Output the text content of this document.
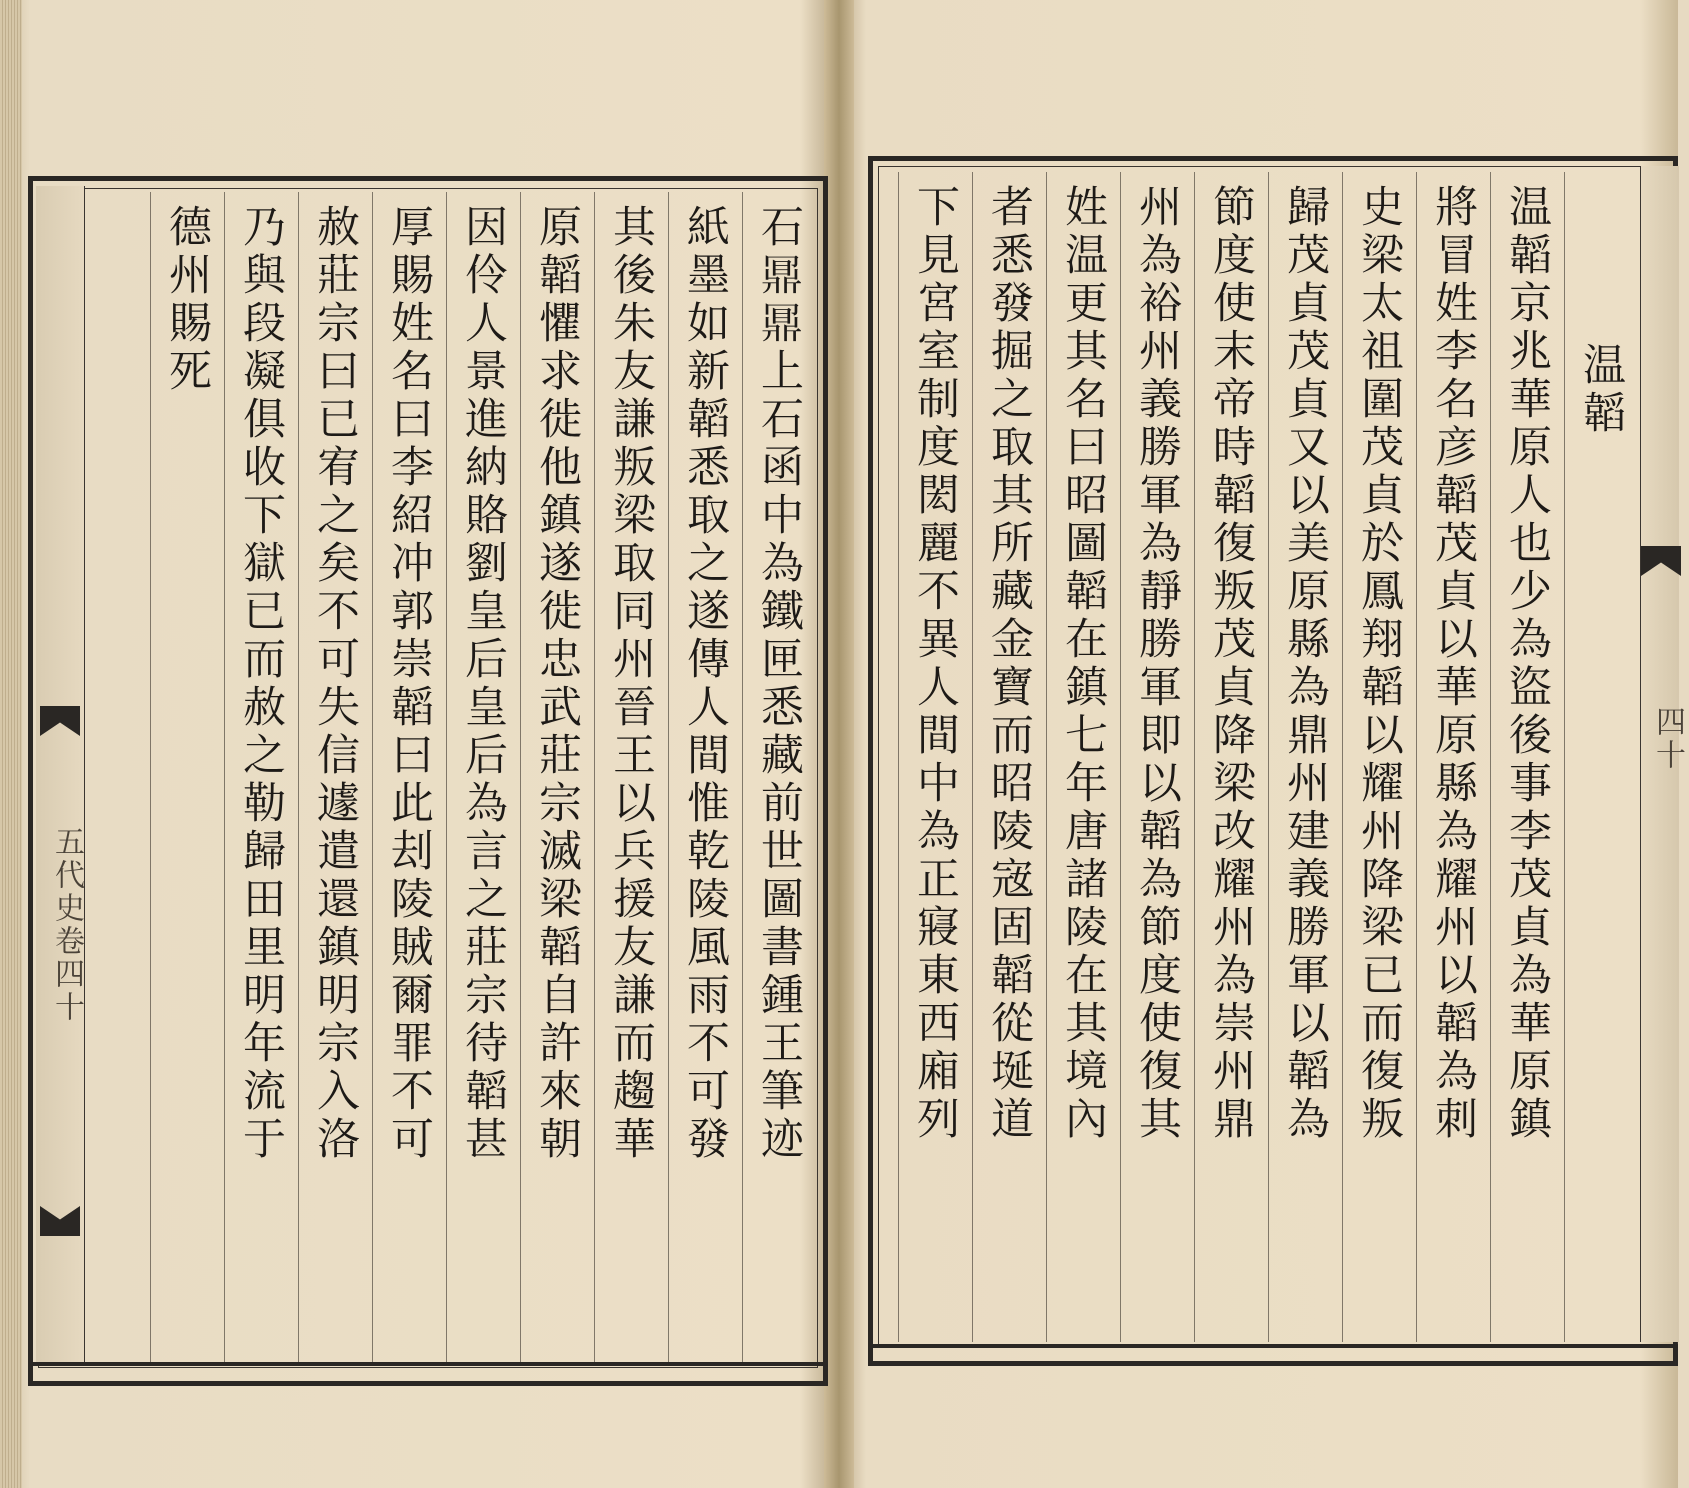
五代史卷四十	石𪔃𪔃上石函中為鐵匣悉藏前世圖書鍾王筆迹
紙墨如新韜悉取之遂傳人間惟乾陵風雨不可發
其後朱友謙叛梁取同州晉王以兵援友謙而趨華
原韜懼求徙他鎮遂徙忠武莊宗滅梁韜自許來朝
因伶人景進納賂劉皇后皇后為言之莊宗待韜甚
厚賜姓名曰李紹冲郭崇韜曰此刦陵賊爾罪不可
赦莊宗曰已宥之矣不可失信遽遣還鎮明宗入洛
乃與段凝俱收下獄已而赦之勒歸田里明年流于
德州賜死
四十
温韜
温韜京兆華原人也少為盜後事李茂貞為華原鎮
將冒姓李名彦韜茂貞以華原縣為耀州以韜為刺
史梁太祖圍茂貞於鳳翔韜以耀州降梁已而復叛
歸茂貞茂貞又以美原縣為鼎州建義勝軍以韜為
節度使末帝時韜復叛茂貞降梁改耀州為崇州鼎
州為裕州義勝軍為靜勝軍即以韜為節度使復其
姓温更其名曰昭圖韜在鎮七年唐諸陵在其境內
者悉發掘之取其所藏金寶而昭陵宼固韜從埏道
下見宮室制度閎麗不異人間中為正寢東西廂列
